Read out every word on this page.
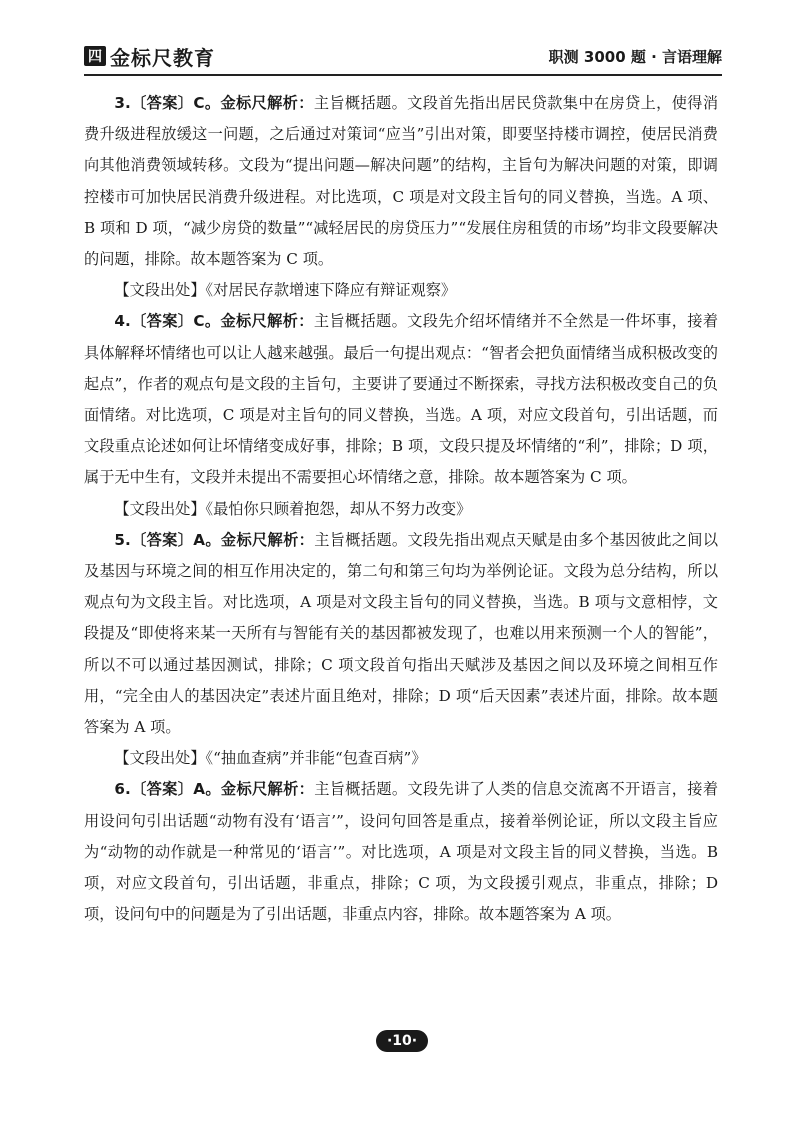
四 金标尺教育	职测 3000 题 · 言语理解

3.〔答案〕C。金标尺解析：主旨概括题。文段首先指出居民贷款集中在房贷上，使得消费升级进程放缓这一问题，之后通过对策词“应当”引出对策，即要坚持楼市调控，使居民消费向其他消费领域转移。文段为“提出问题—解决问题”的结构，主旨句为解决问题的对策，即调控楼市可加快居民消费升级进程。对比选项，C 项是对文段主旨句的同义替换，当选。A 项、B 项和 D 项，“减少房贷的数量”“减轻居民的房贷压力”“发展住房租赁的市场”均非文段要解决的问题，排除。故本题答案为 C 项。

【文段出处】《对居民存款增速下降应有辩证观察》

4.〔答案〕C。金标尺解析：主旨概括题。文段先介绍坏情绪并不全然是一件坏事，接着具体解释坏情绪也可以让人越来越强。最后一句提出观点：“智者会把负面情绪当成积极改变的起点”，作者的观点句是文段的主旨句，主要讲了要通过不断探索，寻找方法积极改变自己的负面情绪。对比选项，C 项是对主旨句的同义替换，当选。A 项，对应文段首句，引出话题，而文段重点论述如何让坏情绪变成好事，排除；B 项，文段只提及坏情绪的“利”，排除；D 项，属于无中生有，文段并未提出不需要担心坏情绪之意，排除。故本题答案为 C 项。

【文段出处】《最怕你只顾着抱怨，却从不努力改变》

5.〔答案〕A。金标尺解析：主旨概括题。文段先指出观点天赋是由多个基因彼此之间以及基因与环境之间的相互作用决定的，第二句和第三句均为举例论证。文段为总分结构，所以观点句为文段主旨。对比选项，A 项是对文段主旨句的同义替换，当选。B 项与文意相悖，文段提及“即使将来某一天所有与智能有关的基因都被发现了，也难以用来预测一个人的智能”，所以不可以通过基因测试，排除；C 项文段首句指出天赋涉及基因之间以及环境之间相互作用，“完全由人的基因决定”表述片面且绝对，排除；D 项“后天因素”表述片面，排除。故本题答案为 A 项。

【文段出处】《“抽血查病”并非能“包查百病”》

6.〔答案〕A。金标尺解析：主旨概括题。文段先讲了人类的信息交流离不开语言，接着用设问句引出话题“动物有没有‘语言’”，设问句回答是重点，接着举例论证，所以文段主旨应为“动物的动作就是一种常见的‘语言’”。对比选项，A 项是对文段主旨的同义替换，当选。B 项，对应文段首句，引出话题，非重点，排除；C 项，为文段援引观点，非重点，排除；D 项，设问句中的问题是为了引出话题，非重点内容，排除。故本题答案为 A 项。

·10·
